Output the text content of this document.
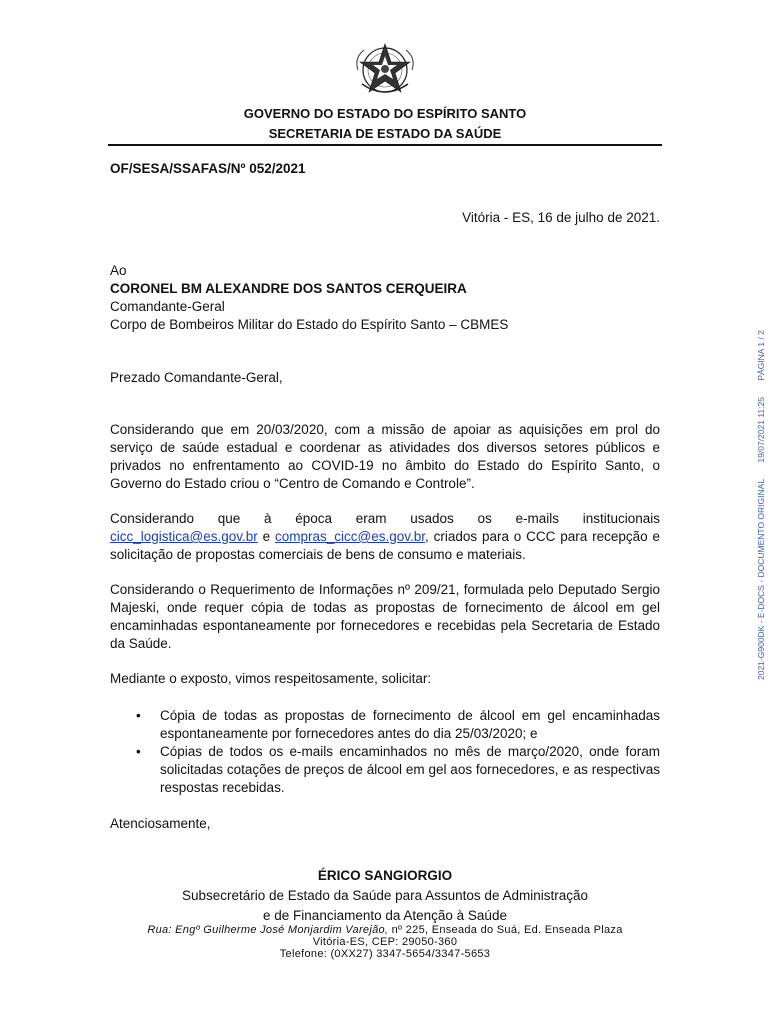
GOVERNO DO ESTADO DO ESPÍRITO SANTO
SECRETARIA DE ESTADO DA SAÚDE
OF/SESA/SSAFAS/Nº 052/2021
Vitória - ES, 16 de julho de 2021.
Ao
CORONEL BM ALEXANDRE DOS SANTOS CERQUEIRA
Comandante-Geral
Corpo de Bombeiros Militar do Estado do Espírito Santo – CBMES
Prezado Comandante-Geral,
Considerando que em 20/03/2020, com a missão de apoiar as aquisições em prol do serviço de saúde estadual e coordenar as atividades dos diversos setores públicos e privados no enfrentamento ao COVID-19 no âmbito do Estado do Espírito Santo, o Governo do Estado criou o “Centro de Comando e Controle”.
Considerando que à época eram usados os e-mails institucionais
cicc_logistica@es.gov.br e compras_cicc@es.gov.br, criados para o CCC para recepção e solicitação de propostas comerciais de bens de consumo e materiais.
Considerando o Requerimento de Informações nº 209/21, formulada pelo Deputado Sergio Majeski, onde requer cópia de todas as propostas de fornecimento de álcool em gel encaminhadas espontaneamente por fornecedores e recebidas pela Secretaria de Estado da Saúde.
Mediante o exposto, vimos respeitosamente, solicitar:
• Cópia de todas as propostas de fornecimento de álcool em gel encaminhadas espontaneamente por fornecedores antes do dia 25/03/2020; e
• Cópias de todos os e-mails encaminhados no mês de março/2020, onde foram solicitadas cotações de preços de álcool em gel aos fornecedores, e as respectivas respostas recebidas.
Atenciosamente,
ÉRICO SANGIORGIO
Subsecretário de Estado da Saúde para Assuntos de Administração
e de Financiamento da Atenção à Saúde
Rua: Engº Guilherme José Monjardim Varejão, nº 225, Enseada do Suá, Ed. Enseada Plaza
Vitória-ES, CEP: 29050-360
Telefone: (0XX27) 3347-5654/3347-5653
2021-G900DK - E-DOCS - DOCUMENTO ORIGINAL 19/07/2021 11:25 PÁGINA 1 / 2
